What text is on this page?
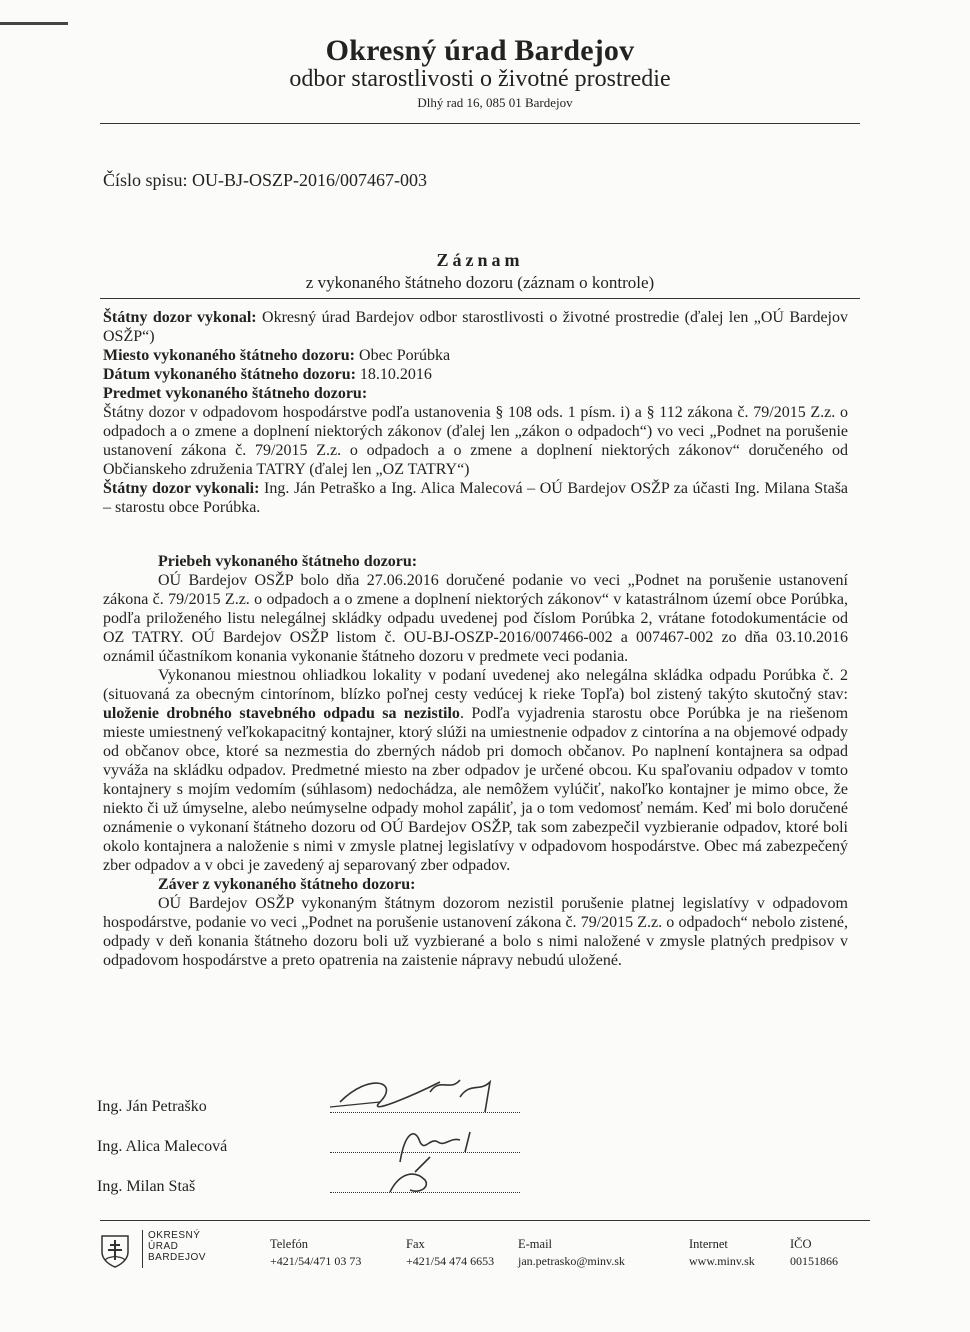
Okresný úrad Bardejov
odbor starostlivosti o životné prostredie
Dlhý rad 16, 085 01 Bardejov
Číslo spisu: OU-BJ-OSZP-2016/007467-003
Záznam
z vykonaného štátneho dozoru (záznam o kontrole)

Štátny dozor vykonal: Okresný úrad Bardejov odbor starostlivosti o životné prostredie (ďalej len „OÚ Bardejov OSŽP“)

Miesto vykonaného štátneho dozoru: Obec Porúbka

Dátum vykonaného štátneho dozoru: 18.10.2016

Predmet vykonaného štátneho dozoru:

Štátny dozor v odpadovom hospodárstve podľa ustanovenia § 108 ods. 1 písm. i) a § 112 zákona č. 79/2015 Z.z. o odpadoch a o zmene a doplnení niektorých zákonov (ďalej len „zákon o odpadoch“) vo veci „Podnet na porušenie ustanovení zákona č. 79/2015 Z.z. o odpadoch a o zmene a doplnení niektorých zákonov“ doručeného od Občianskeho združenia TATRY (ďalej len „OZ TATRY“)

Štátny dozor vykonali: Ing. Ján Petraško a Ing. Alica Malecová – OÚ Bardejov OSŽP za účasti Ing. Milana Staša – starostu obce Porúbka.

Priebeh vykonaného štátneho dozoru:

OÚ Bardejov OSŽP bolo dňa 27.06.2016 doručené podanie vo veci „Podnet na porušenie ustanovení zákona č. 79/2015 Z.z. o odpadoch a o zmene a doplnení niektorých zákonov“ v katastrálnom území obce Porúbka, podľa priloženého listu nelegálnej skládky odpadu uvedenej pod číslom Porúbka 2, vrátane fotodokumentácie od OZ TATRY. OÚ Bardejov OSŽP listom č. OU-BJ-OSZP-2016/007466-002 a 007467-002 zo dňa 03.10.2016 oznámil účastníkom konania vykonanie štátneho dozoru v predmete veci podania.

Vykonanou miestnou ohliadkou lokality v podaní uvedenej ako nelegálna skládka odpadu Porúbka č. 2 (situovaná za obecným cintorínom, blízko poľnej cesty vedúcej k rieke Topľa) bol zistený takýto skutočný stav: uloženie drobného stavebného odpadu sa nezistilo. Podľa vyjadrenia starostu obce Porúbka je na riešenom mieste umiestnený veľkokapacitný kontajner, ktorý slúži na umiestnenie odpadov z cintorína a na objemové odpady od občanov obce, ktoré sa nezmestia do zberných nádob pri domoch občanov. Po naplnení kontajnera sa odpad vyváža na skládku odpadov. Predmetné miesto na zber odpadov je určené obcou. Ku spaľovaniu odpadov v tomto kontajnery s mojím vedomím (súhlasom) nedochádza, ale nemôžem vylúčiť, nakoľko kontajner je mimo obce, že niekto či už úmyselne, alebo neúmyselne odpady mohol zapáliť, ja o tom vedomosť nemám. Keď mi bolo doručené oznámenie o vykonaní štátneho dozoru od OÚ Bardejov OSŽP, tak som zabezpečil vyzbieranie odpadov, ktoré boli okolo kontajnera a naloženie s nimi v zmysle platnej legislatívy v odpadovom hospodárstve. Obec má zabezpečený zber odpadov a v obci je zavedený aj separovaný zber odpadov.

Záver z vykonaného štátneho dozoru:

OÚ Bardejov OSŽP vykonaným štátnym dozorom nezistil porušenie platnej legislatívy v odpadovom hospodárstve, podanie vo veci „Podnet na porušenie ustanovení zákona č. 79/2015 Z.z. o odpadoch“ nebolo zistené, odpady v deň konania štátneho dozoru boli už vyzbierané a bolo s nimi naložené v zmysle platných predpisov v odpadovom hospodárstve a preto opatrenia na zaistenie nápravy nebudú uložené.

Ing. Ján Petraško
Ing. Alica Malecová
Ing. Milan Staš
OKRESNÝ
ÚRAD
BARDEJOV
Telefón
+421/54/471 03 73
Fax
+421/54 474 6653
E-mail
jan.petrasko@minv.sk
Internet
www.minv.sk
IČO
00151866
